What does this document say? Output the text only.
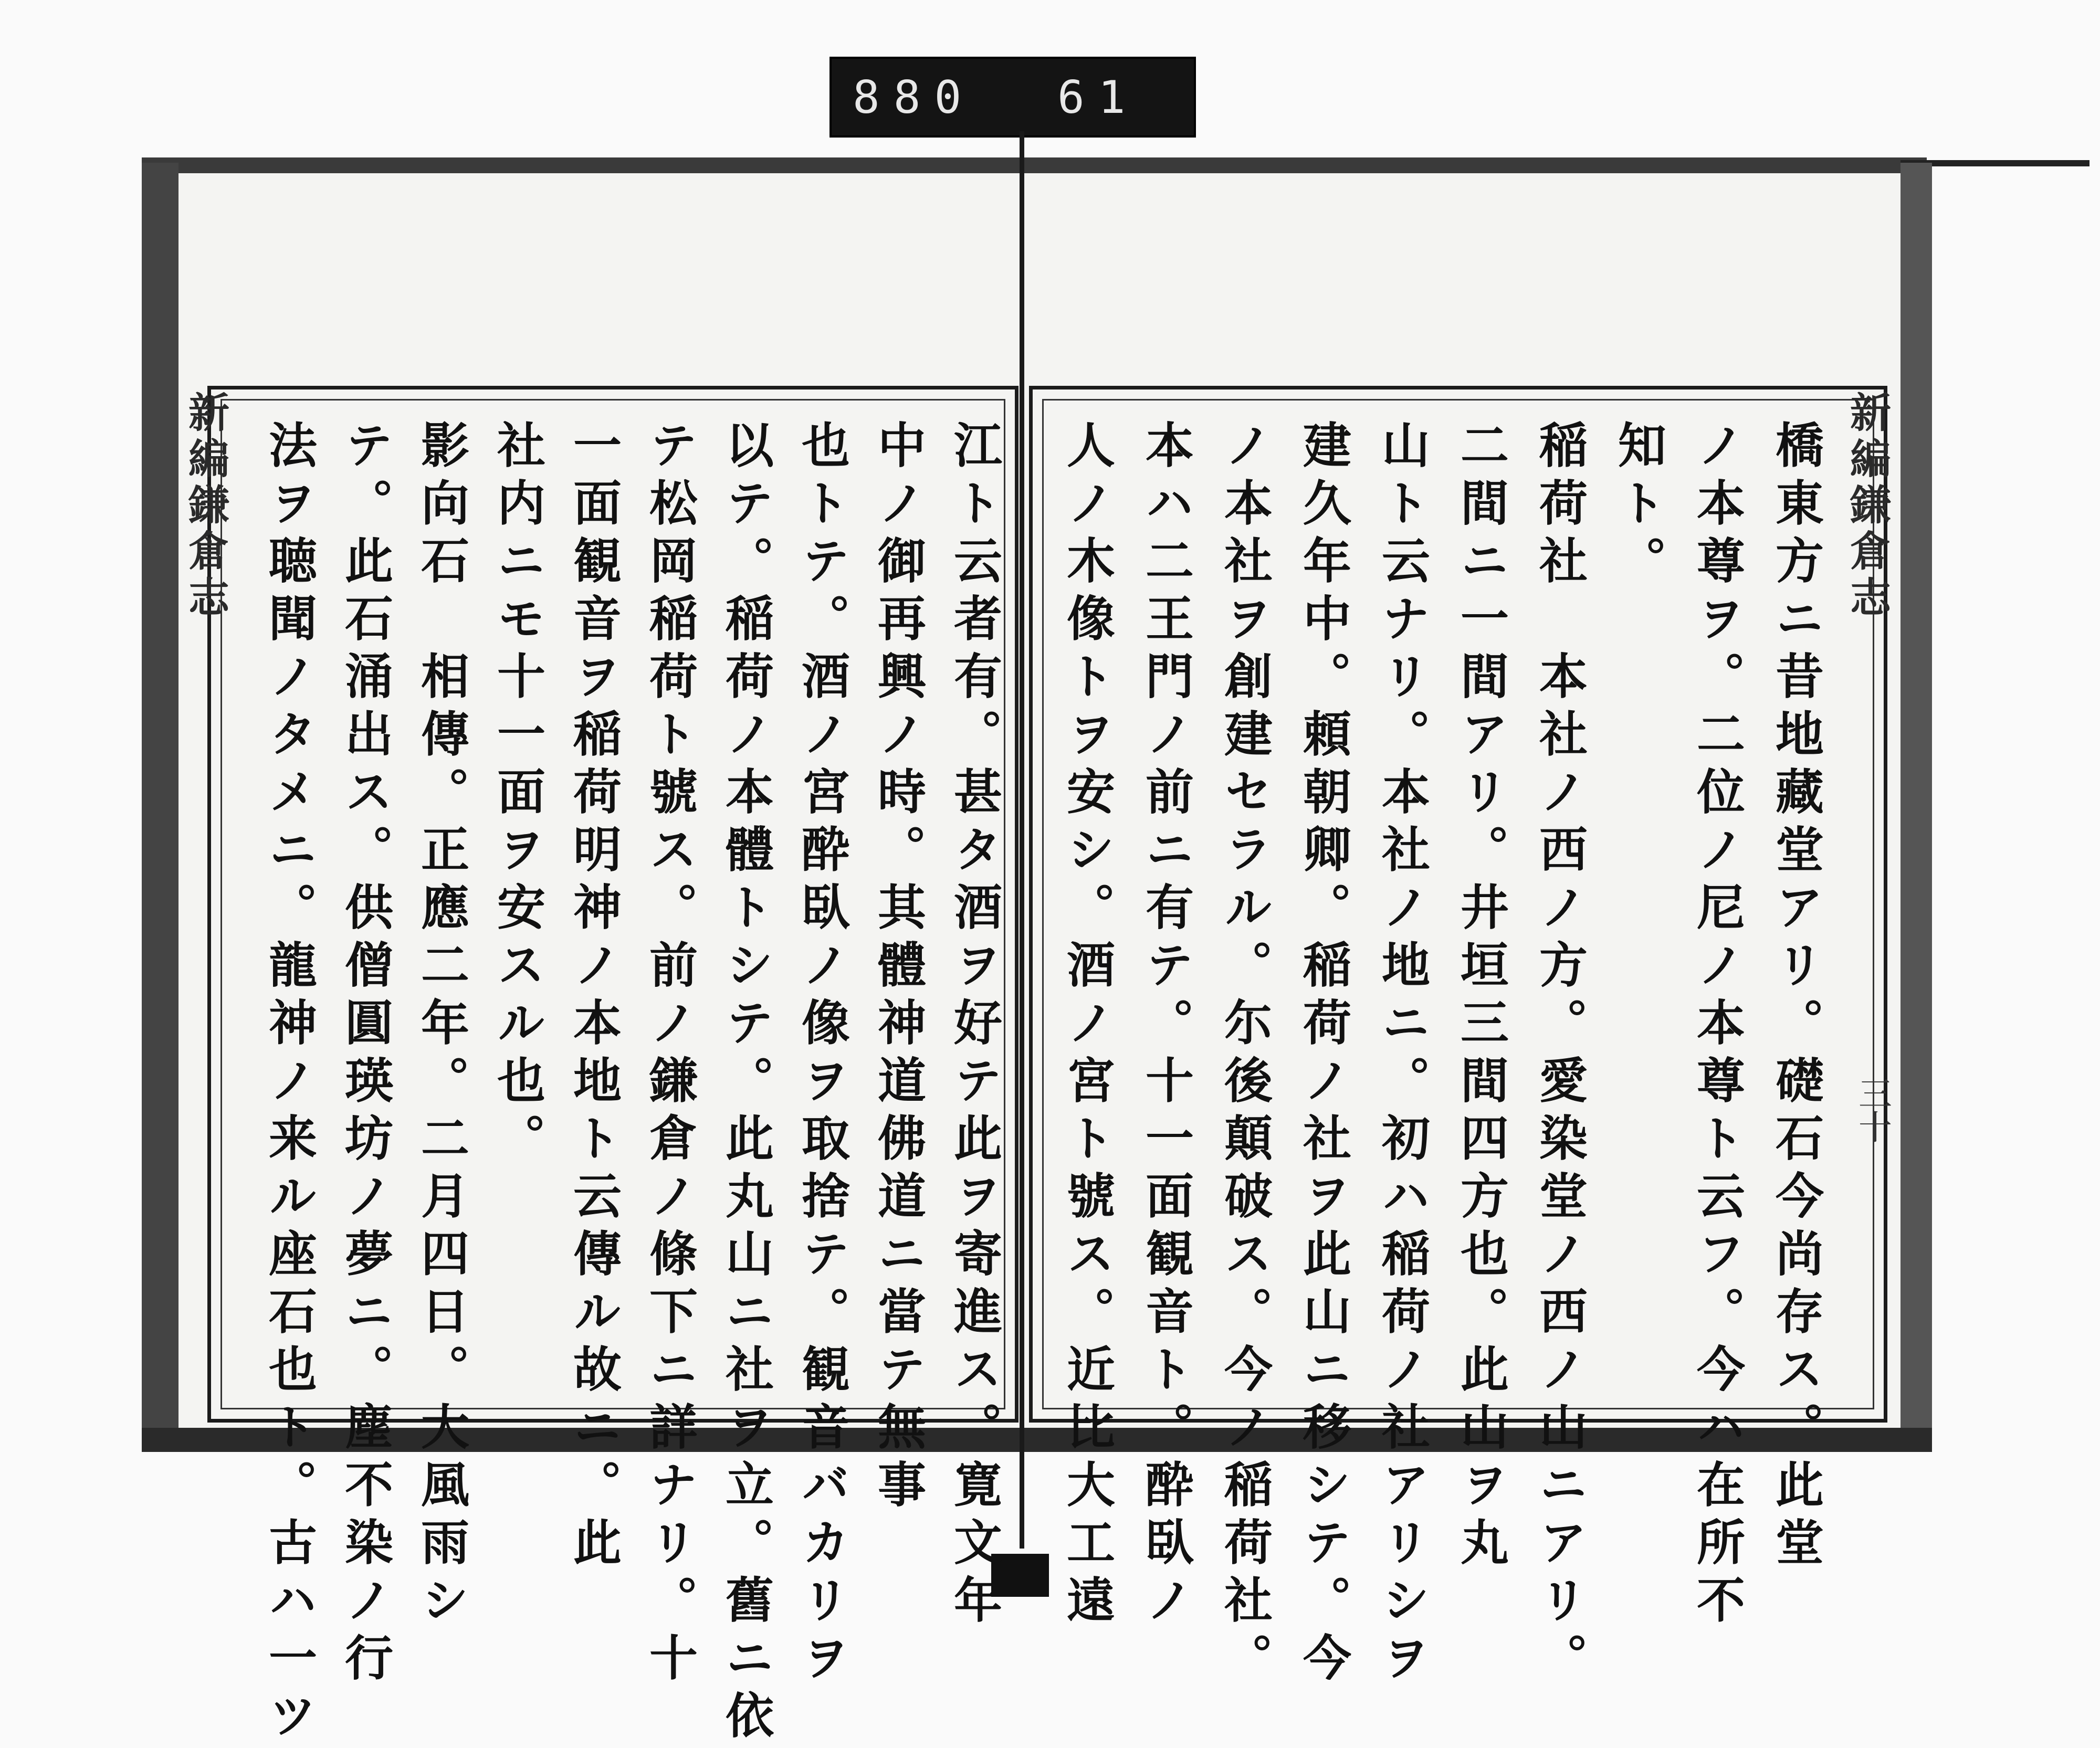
880 61
新編鎌倉志	新編鎌倉志
三十
橋東方ニ昔地藏堂アリ。礎石今尚存ス。此堂
ノ本尊ヲ。二位ノ尼ノ本尊ト云フ。今ハ在所不
知ト。
稲荷社　本社ノ西ノ方。愛染堂ノ西ノ山ニアリ。
二間ニ一間アリ。井垣三間四方也。此山ヲ丸
山ト云ナリ。本社ノ地ニ。初ハ稲荷ノ社アリシヲ
建久年中。頼朝卿。稲荷ノ社ヲ此山ニ移シテ。今
ノ本社ヲ創建セラル。尓後顛破ス。今ノ稲荷社。
本ハ二王門ノ前ニ有テ。十一面観音ト。酔臥ノ
人ノ木像トヲ安シ。酒ノ宮ト號ス。近比大工遠
江ト云者有。甚タ酒ヲ好テ此ヲ寄進ス。寛文年
中ノ御再興ノ時。其體神道佛道ニ當テ無事
也トテ。酒ノ宮酔臥ノ像ヲ取捨テ。観音バカリヲ
以テ。稲荷ノ本體トシテ。此丸山ニ社ヲ立。舊ニ依
テ松岡稲荷ト號ス。前ノ鎌倉ノ條下ニ詳ナリ。十
一面観音ヲ稲荷明神ノ本地ト云傳ル故ニ。此
社内ニモ十一面ヲ安スル也。
影向石　相傳。正應二年。二月四日。大風雨シ
テ。此石涌出ス。供僧圓瑛坊ノ夢ニ。塵不染ノ行
法ヲ聴聞ノタメニ。龍神ノ来ル座石也ト。古ハ一ツ
